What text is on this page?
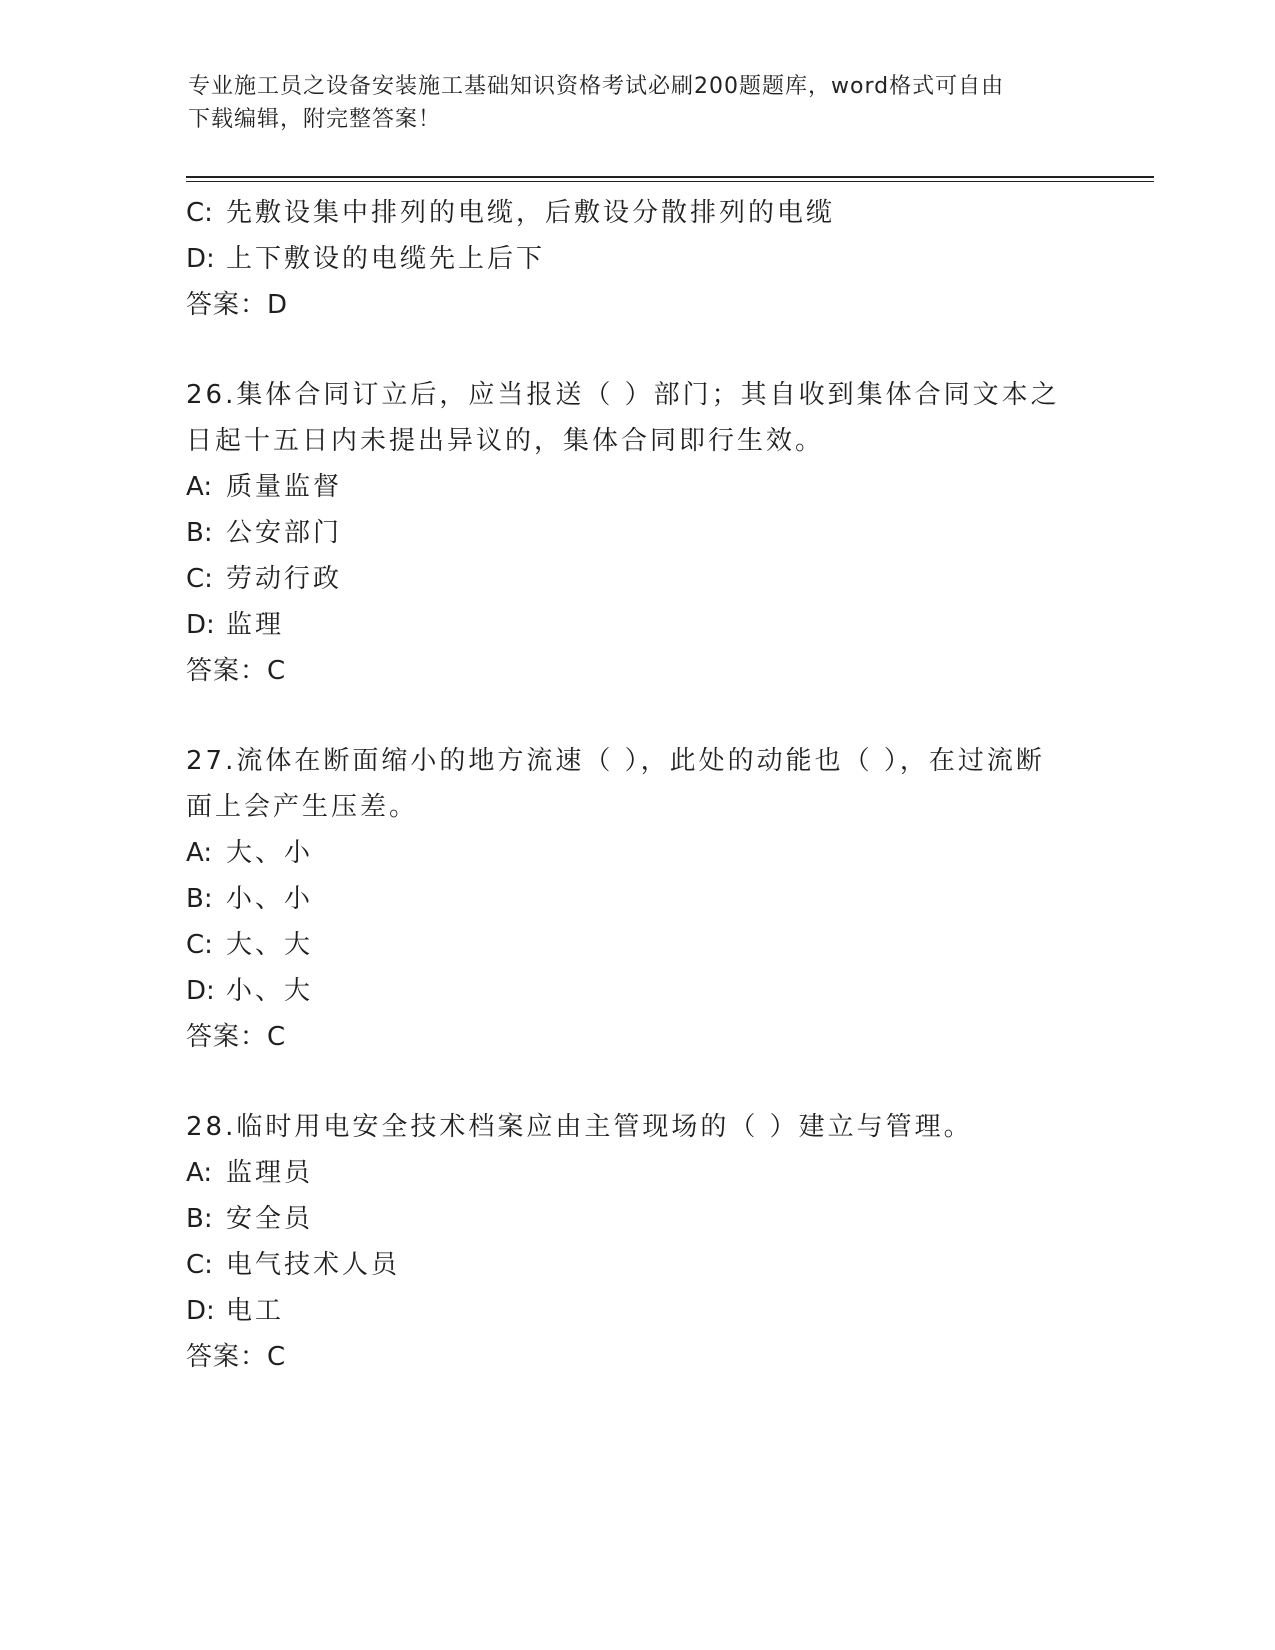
专业施工员之设备安装施工基础知识资格考试必刷200题题库，word格式可自由
下载编辑，附完整答案！
C: 先敷设集中排列的电缆，后敷设分散排列的电缆
D: 上下敷设的电缆先上后下
答案：D
26.集体合同订立后，应当报送（ ）部门；其自收到集体合同文本之
日起十五日内未提出异议的，集体合同即行生效。
A: 质量监督
B: 公安部门
C: 劳动行政
D: 监理
答案：C
27.流体在断面缩小的地方流速（ ），此处的动能也（ ），在过流断
面上会产生压差。
A: 大、小
B: 小、小
C: 大、大
D: 小、大
答案：C
28.临时用电安全技术档案应由主管现场的（ ）建立与管理。
A: 监理员
B: 安全员
C: 电气技术人员
D: 电工
答案：C
